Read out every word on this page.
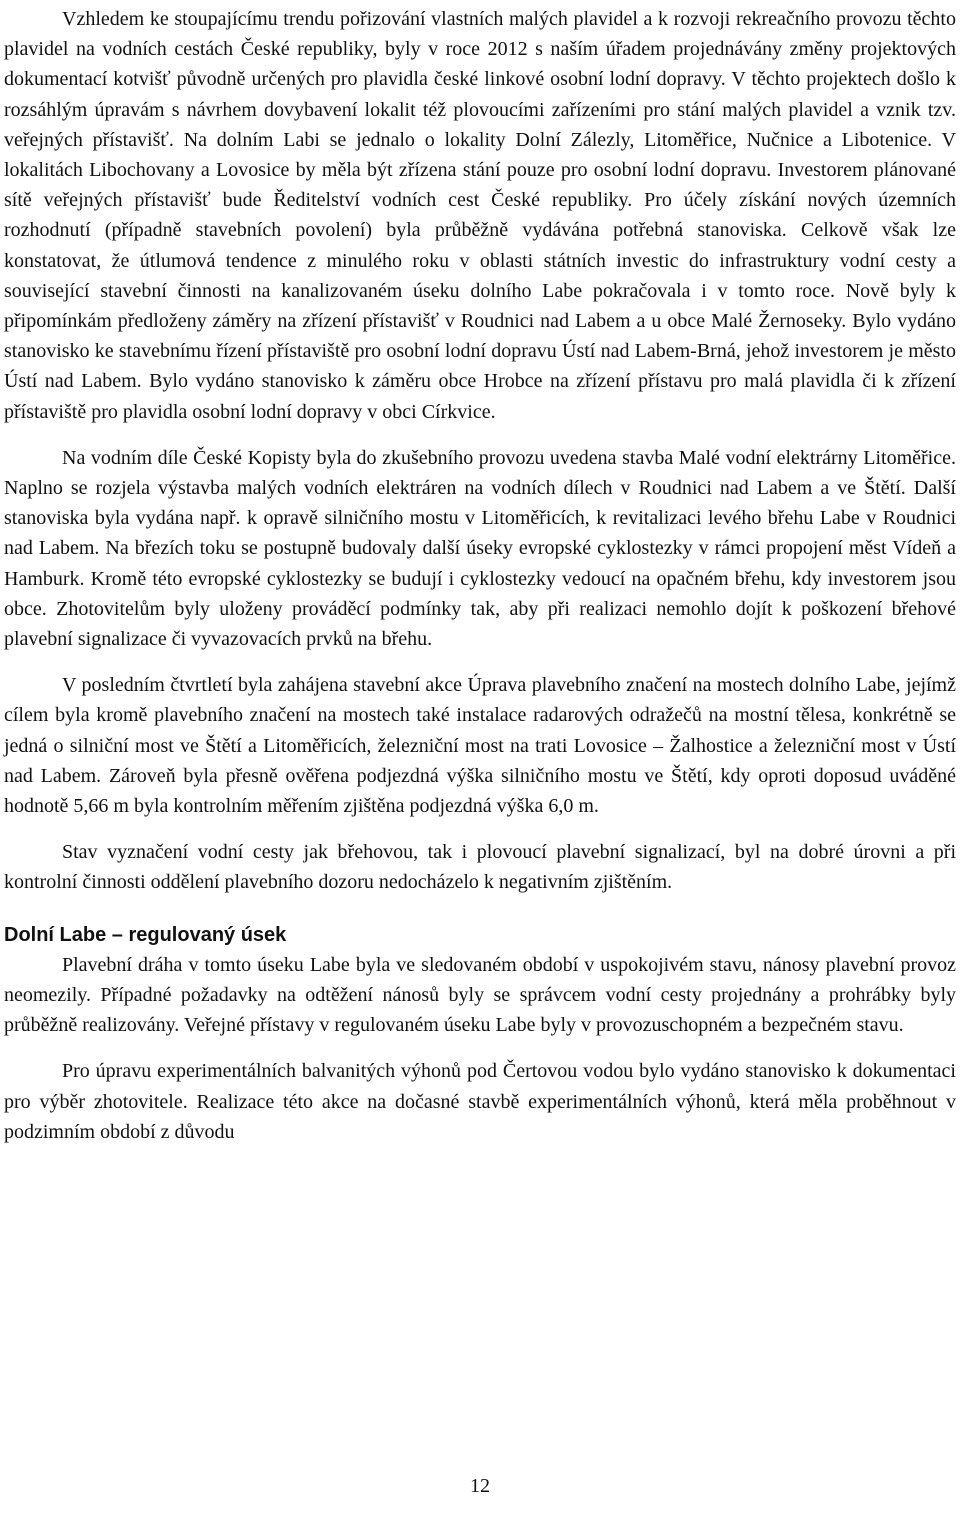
Vzhledem ke stoupajícímu trendu pořizování vlastních malých plavidel a k rozvoji rekreačního provozu těchto plavidel na vodních cestách České republiky, byly v roce 2012 s naším úřadem projednávány změny projektových dokumentací kotvišť původně určených pro plavidla české linkové osobní lodní dopravy. V těchto projektech došlo k rozsáhlým úpravám s návrhem dovybavení lokalit též plovoucími zařízeními pro stání malých plavidel a vznik tzv. veřejných přístavišť. Na dolním Labi se jednalo o lokality Dolní Zálezly, Litoměřice, Nučnice a Libotenice. V lokalitách Libochovany a Lovosice by měla být zřízena stání pouze pro osobní lodní dopravu. Investorem plánované sítě veřejných přístavišť bude Ředitelství vodních cest České republiky. Pro účely získání nových územních rozhodnutí (případně stavebních povolení) byla průběžně vydávána potřebná stanoviska. Celkově však lze konstatovat, že útlumová tendence z minulého roku v oblasti státních investic do infrastruktury vodní cesty a související stavební činnosti na kanalizovaném úseku dolního Labe pokračovala i v tomto roce. Nově byly k připomínkám předloženy záměry na zřízení přístavišť v Roudnici nad Labem a u obce Malé Žernoseky. Bylo vydáno stanovisko ke stavebnímu řízení přístaviště pro osobní lodní dopravu Ústí nad Labem-Brná, jehož investorem je město Ústí nad Labem. Bylo vydáno stanovisko k záměru obce Hrobce na zřízení přístavu pro malá plavidla či k zřízení přístaviště pro plavidla osobní lodní dopravy v obci Církvice.

Na vodním díle České Kopisty byla do zkušebního provozu uvedena stavba Malé vodní elektrárny Litoměřice. Naplno se rozjela výstavba malých vodních elektráren na vodních dílech v Roudnici nad Labem a ve Štětí. Další stanoviska byla vydána např. k opravě silničního mostu v Litoměřicích, k revitalizaci levého břehu Labe v Roudnici nad Labem. Na březích toku se postupně budovaly další úseky evropské cyklostezky v rámci propojení měst Vídeň a Hamburk. Kromě této evropské cyklostezky se budují i cyklostezky vedoucí na opačném břehu, kdy investorem jsou obce. Zhotovitelům byly uloženy prováděcí podmínky tak, aby při realizaci nemohlo dojít k poškození břehové plavební signalizace či vyvazovacích prvků na břehu.

V posledním čtvrtletí byla zahájena stavební akce Úprava plavebního značení na mostech dolního Labe, jejímž cílem byla kromě plavebního značení na mostech také instalace radarových odražečů na mostní tělesa, konkrétně se jedná o silniční most ve Štětí a Litoměřicích, železniční most na trati Lovosice – Žalhostice a železniční most v Ústí nad Labem. Zároveň byla přesně ověřena podjezdná výška silničního mostu ve Štětí, kdy oproti doposud uváděné hodnotě 5,66 m byla kontrolním měřením zjištěna podjezdná výška 6,0 m.

Stav vyznačení vodní cesty jak břehovou, tak i plovoucí plavební signalizací, byl na dobré úrovni a při kontrolní činnosti oddělení plavebního dozoru nedocházelo k negativním zjištěním.

Dolní Labe – regulovaný úsek

Plavební dráha v tomto úseku Labe byla ve sledovaném období v uspokojivém stavu, nánosy plavební provoz neomezily. Případné požadavky na odtěžení nánosů byly se správcem vodní cesty projednány a prohrábky byly průběžně realizovány. Veřejné přístavy v regulovaném úseku Labe byly v provozuschopném a bezpečném stavu.

Pro úpravu experimentálních balvanitých výhonů pod Čertovou vodou bylo vydáno stanovisko k dokumentaci pro výběr zhotovitele. Realizace této akce na dočasné stavbě experimentálních výhonů, která měla proběhnout v podzimním období z důvodu

12
